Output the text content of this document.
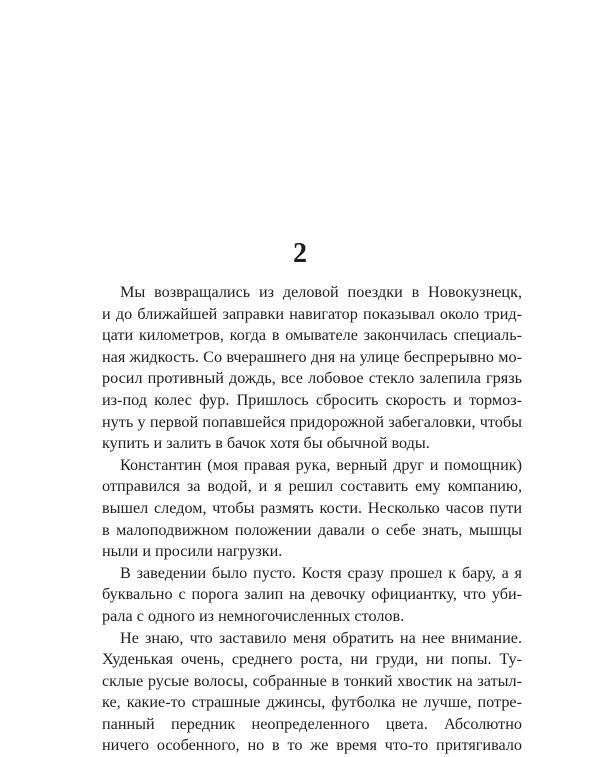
2
Мы возвращались из деловой поездки в Новокузнецк,
и до ближайшей заправки навигатор показывал около трид-
цати километров, когда в омывателе закончилась специаль-
ная жидкость. Со вчерашнего дня на улице беспрерывно мо-
росил противный дождь, все лобовое стекло залепила грязь
из-под колес фур. Пришлось сбросить скорость и тормоз-
нуть у первой попавшейся придорожной забегаловки, чтобы
купить и залить в бачок хотя бы обычной воды.
Константин (моя правая рука, верный друг и помощник)
отправился за водой, и я решил составить ему компанию,
вышел следом, чтобы размять кости. Несколько часов пути
в малоподвижном положении давали о себе знать, мышцы
ныли и просили нагрузки.
В заведении было пусто. Костя сразу прошел к бару, а я
буквально с порога залип на девочку официантку, что уби-
рала с одного из немногочисленных столов.
Не знаю, что заставило меня обратить на нее внимание.
Худенькая очень, среднего роста, ни груди, ни попы. Ту-
склые русые волосы, собранные в тонкий хвостик на затыл-
ке, какие-то страшные джинсы, футболка не лучше, потре-
панный передник неопределенного цвета. Абсолютно
ничего особенного, но в то же время что-то притягивало
